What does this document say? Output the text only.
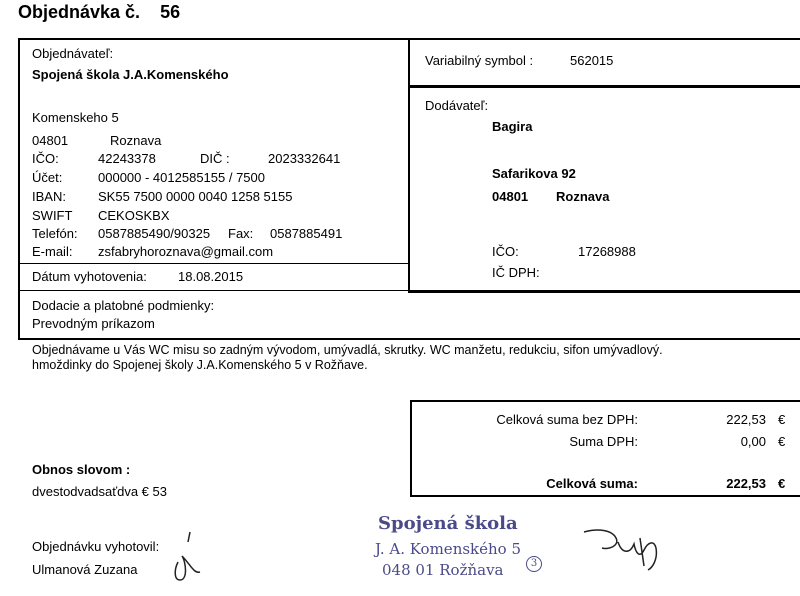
Objednávka č. 56
Objednávateľ:
Spojená škola J.A.Komenského
Komenskeho 5
04801	Roznava
IČO:	42243378	DIČ :	2023332641
Účet:	000000 - 4012585155 / 7500
IBAN: SK55 7500 0000 0040 1258 5155
SWIFT CEKOSKBX
Telefón: 0587885490/90325 Fax: 0587885491
E-mail: zsfabryhoroznava@gmail.com
Dátum vyhotovenia: 18.08.2015
Variabilný symbol :	562015
Dodávateľ:
Bagira
Safarikova 92
04801 Roznava
IČO:	17268988
IČ DPH:
Dodacie a platobné podmienky:
Prevodným príkazom
Objednávame u Vás WC misu so zadným vývodom, umývadlá, skrutky. WC manžetu, redukciu, sifon umývadlový.
hmoždinky do Spojenej školy J.A.Komenského 5 v Rožňave.
Celková suma bez DPH:	222,53 €
Suma DPH:	0,00 €
Celková suma:	222,53 €
Obnos slovom :
dvestodvadsaťdva € 53
Objednávku vyhotovil:
Ulmanová Zuzana
Spojená škola
J. A. Komenského 5
048 01 Rožňava	3
